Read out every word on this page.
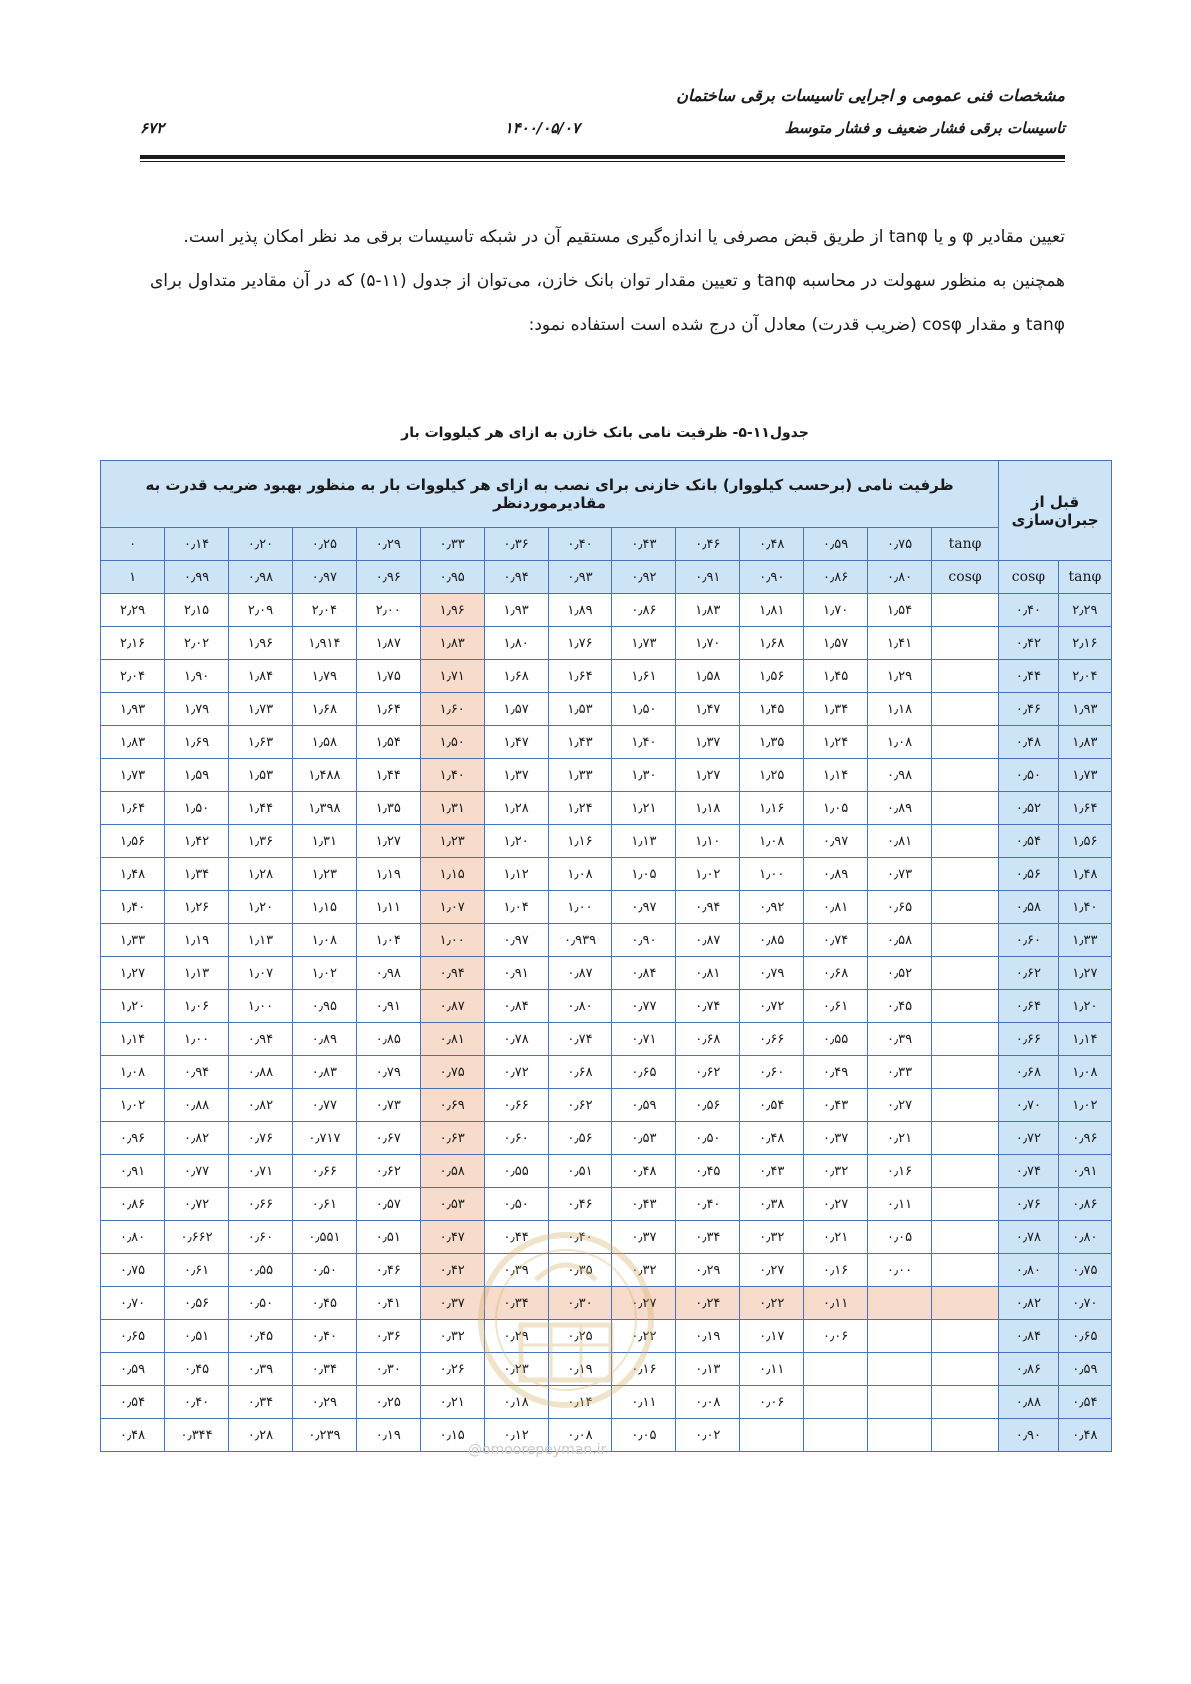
مشخصات فنی عمومی و اجرایی تاسیسات برقی ساختمان
تاسیسات برقی فشار ضعیف و فشار متوسط
۱۴۰۰/۰۵/۰۷
۶۷۲

تعیین مقادیر φ و یا tanφ از طریق قبض مصرفی یا اندازه‌گیری مستقیم آن در شبکه تاسیسات برقی مد نظر امکان پذیر است.

همچنین به منظور سهولت در محاسبه tanφ و تعیین مقدار توان بانک خازن، می‌توان از جدول (۱۱-۵) که در آن مقادیر متداول برای tanφ و مقدار cosφ (ضریب قدرت) معادل آن درج شده است استفاده نمود:

جدول۱۱-۵- ظرفیت نامی بانک خازن به ازای هر کیلووات بار
قبل از جبران‌سازی		ظرفیت نامی (برحسب کیلووار) بانک خازنی برای نصب به ازای هر کیلووات بار به منظور بهبود ضریب قدرت به مقادیرموردنظر													
		tanφ	۰٫۷۵	۰٫۵۹	۰٫۴۸	۰٫۴۶	۰٫۴۳	۰٫۴۰	۰٫۳۶	۰٫۳۳	۰٫۲۹	۰٫۲۵	۰٫۲۰	۰٫۱۴	۰
tanφ	cosφ	cosφ	۰٫۸۰	۰٫۸۶	۰٫۹۰	۰٫۹۱	۰٫۹۲	۰٫۹۳	۰٫۹۴	۰٫۹۵	۰٫۹۶	۰٫۹۷	۰٫۹۸	۰٫۹۹	۱
۲٫۲۹	۰٫۴۰		۱٫۵۴	۱٫۷۰	۱٫۸۱	۱٫۸۳	۰٫۸۶	۱٫۸۹	۱٫۹۳	۱٫۹۶	۲٫۰۰	۲٫۰۴	۲٫۰۹	۲٫۱۵	۲٫۲۹
۲٫۱۶	۰٫۴۲		۱٫۴۱	۱٫۵۷	۱٫۶۸	۱٫۷۰	۱٫۷۳	۱٫۷۶	۱٫۸۰	۱٫۸۳	۱٫۸۷	۱٫۹۱۴	۱٫۹۶	۲٫۰۲	۲٫۱۶
۲٫۰۴	۰٫۴۴		۱٫۲۹	۱٫۴۵	۱٫۵۶	۱٫۵۸	۱٫۶۱	۱٫۶۴	۱٫۶۸	۱٫۷۱	۱٫۷۵	۱٫۷۹	۱٫۸۴	۱٫۹۰	۲٫۰۴
۱٫۹۳	۰٫۴۶		۱٫۱۸	۱٫۳۴	۱٫۴۵	۱٫۴۷	۱٫۵۰	۱٫۵۳	۱٫۵۷	۱٫۶۰	۱٫۶۴	۱٫۶۸	۱٫۷۳	۱٫۷۹	۱٫۹۳
۱٫۸۳	۰٫۴۸		۱٫۰۸	۱٫۲۴	۱٫۳۵	۱٫۳۷	۱٫۴۰	۱٫۴۳	۱٫۴۷	۱٫۵۰	۱٫۵۴	۱٫۵۸	۱٫۶۳	۱٫۶۹	۱٫۸۳
۱٫۷۳	۰٫۵۰		۰٫۹۸	۱٫۱۴	۱٫۲۵	۱٫۲۷	۱٫۳۰	۱٫۳۳	۱٫۳۷	۱٫۴۰	۱٫۴۴	۱٫۴۸۸	۱٫۵۳	۱٫۵۹	۱٫۷۳
۱٫۶۴	۰٫۵۲		۰٫۸۹	۱٫۰۵	۱٫۱۶	۱٫۱۸	۱٫۲۱	۱٫۲۴	۱٫۲۸	۱٫۳۱	۱٫۳۵	۱٫۳۹۸	۱٫۴۴	۱٫۵۰	۱٫۶۴
۱٫۵۶	۰٫۵۴		۰٫۸۱	۰٫۹۷	۱٫۰۸	۱٫۱۰	۱٫۱۳	۱٫۱۶	۱٫۲۰	۱٫۲۳	۱٫۲۷	۱٫۳۱	۱٫۳۶	۱٫۴۲	۱٫۵۶
۱٫۴۸	۰٫۵۶		۰٫۷۳	۰٫۸۹	۱٫۰۰	۱٫۰۲	۱٫۰۵	۱٫۰۸	۱٫۱۲	۱٫۱۵	۱٫۱۹	۱٫۲۳	۱٫۲۸	۱٫۳۴	۱٫۴۸
۱٫۴۰	۰٫۵۸		۰٫۶۵	۰٫۸۱	۰٫۹۲	۰٫۹۴	۰٫۹۷	۱٫۰۰	۱٫۰۴	۱٫۰۷	۱٫۱۱	۱٫۱۵	۱٫۲۰	۱٫۲۶	۱٫۴۰
۱٫۳۳	۰٫۶۰		۰٫۵۸	۰٫۷۴	۰٫۸۵	۰٫۸۷	۰٫۹۰	۰٫۹۳۹	۰٫۹۷	۱٫۰۰	۱٫۰۴	۱٫۰۸	۱٫۱۳	۱٫۱۹	۱٫۳۳
۱٫۲۷	۰٫۶۲		۰٫۵۲	۰٫۶۸	۰٫۷۹	۰٫۸۱	۰٫۸۴	۰٫۸۷	۰٫۹۱	۰٫۹۴	۰٫۹۸	۱٫۰۲	۱٫۰۷	۱٫۱۳	۱٫۲۷
۱٫۲۰	۰٫۶۴		۰٫۴۵	۰٫۶۱	۰٫۷۲	۰٫۷۴	۰٫۷۷	۰٫۸۰	۰٫۸۴	۰٫۸۷	۰٫۹۱	۰٫۹۵	۱٫۰۰	۱٫۰۶	۱٫۲۰
۱٫۱۴	۰٫۶۶		۰٫۳۹	۰٫۵۵	۰٫۶۶	۰٫۶۸	۰٫۷۱	۰٫۷۴	۰٫۷۸	۰٫۸۱	۰٫۸۵	۰٫۸۹	۰٫۹۴	۱٫۰۰	۱٫۱۴
۱٫۰۸	۰٫۶۸		۰٫۳۳	۰٫۴۹	۰٫۶۰	۰٫۶۲	۰٫۶۵	۰٫۶۸	۰٫۷۲	۰٫۷۵	۰٫۷۹	۰٫۸۳	۰٫۸۸	۰٫۹۴	۱٫۰۸
۱٫۰۲	۰٫۷۰		۰٫۲۷	۰٫۴۳	۰٫۵۴	۰٫۵۶	۰٫۵۹	۰٫۶۲	۰٫۶۶	۰٫۶۹	۰٫۷۳	۰٫۷۷	۰٫۸۲	۰٫۸۸	۱٫۰۲
۰٫۹۶	۰٫۷۲		۰٫۲۱	۰٫۳۷	۰٫۴۸	۰٫۵۰	۰٫۵۳	۰٫۵۶	۰٫۶۰	۰٫۶۳	۰٫۶۷	۰٫۷۱۷	۰٫۷۶	۰٫۸۲	۰٫۹۶
۰٫۹۱	۰٫۷۴		۰٫۱۶	۰٫۳۲	۰٫۴۳	۰٫۴۵	۰٫۴۸	۰٫۵۱	۰٫۵۵	۰٫۵۸	۰٫۶۲	۰٫۶۶	۰٫۷۱	۰٫۷۷	۰٫۹۱
۰٫۸۶	۰٫۷۶		۰٫۱۱	۰٫۲۷	۰٫۳۸	۰٫۴۰	۰٫۴۳	۰٫۴۶	۰٫۵۰	۰٫۵۳	۰٫۵۷	۰٫۶۱	۰٫۶۶	۰٫۷۲	۰٫۸۶
۰٫۸۰	۰٫۷۸		۰٫۰۵	۰٫۲۱	۰٫۳۲	۰٫۳۴	۰٫۳۷	۰٫۴۰	۰٫۴۴	۰٫۴۷	۰٫۵۱	۰٫۵۵۱	۰٫۶۰	۰٫۶۶۲	۰٫۸۰
۰٫۷۵	۰٫۸۰		۰٫۰۰	۰٫۱۶	۰٫۲۷	۰٫۲۹	۰٫۳۲	۰٫۳۵	۰٫۳۹	۰٫۴۲	۰٫۴۶	۰٫۵۰	۰٫۵۵	۰٫۶۱	۰٫۷۵
۰٫۷۰	۰٫۸۲			۰٫۱۱	۰٫۲۲	۰٫۲۴	۰٫۲۷	۰٫۳۰	۰٫۳۴	۰٫۳۷	۰٫۴۱	۰٫۴۵	۰٫۵۰	۰٫۵۶	۰٫۷۰
۰٫۶۵	۰٫۸۴			۰٫۰۶	۰٫۱۷	۰٫۱۹	۰٫۲۲	۰٫۲۵	۰٫۲۹	۰٫۳۲	۰٫۳۶	۰٫۴۰	۰٫۴۵	۰٫۵۱	۰٫۶۵
۰٫۵۹	۰٫۸۶				۰٫۱۱	۰٫۱۳	۰٫۱۶	۰٫۱۹	۰٫۲۳	۰٫۲۶	۰٫۳۰	۰٫۳۴	۰٫۳۹	۰٫۴۵	۰٫۵۹
۰٫۵۴	۰٫۸۸				۰٫۰۶	۰٫۰۸	۰٫۱۱	۰٫۱۴	۰٫۱۸	۰٫۲۱	۰٫۲۵	۰٫۲۹	۰٫۳۴	۰٫۴۰	۰٫۵۴
۰٫۴۸	۰٫۹۰					۰٫۰۲	۰٫۰۵	۰٫۰۸	۰٫۱۲	۰٫۱۵	۰٫۱۹	۰٫۲۳۹	۰٫۲۸	۰٫۳۴۴	۰٫۴۸
@omoorepeyman.ir
